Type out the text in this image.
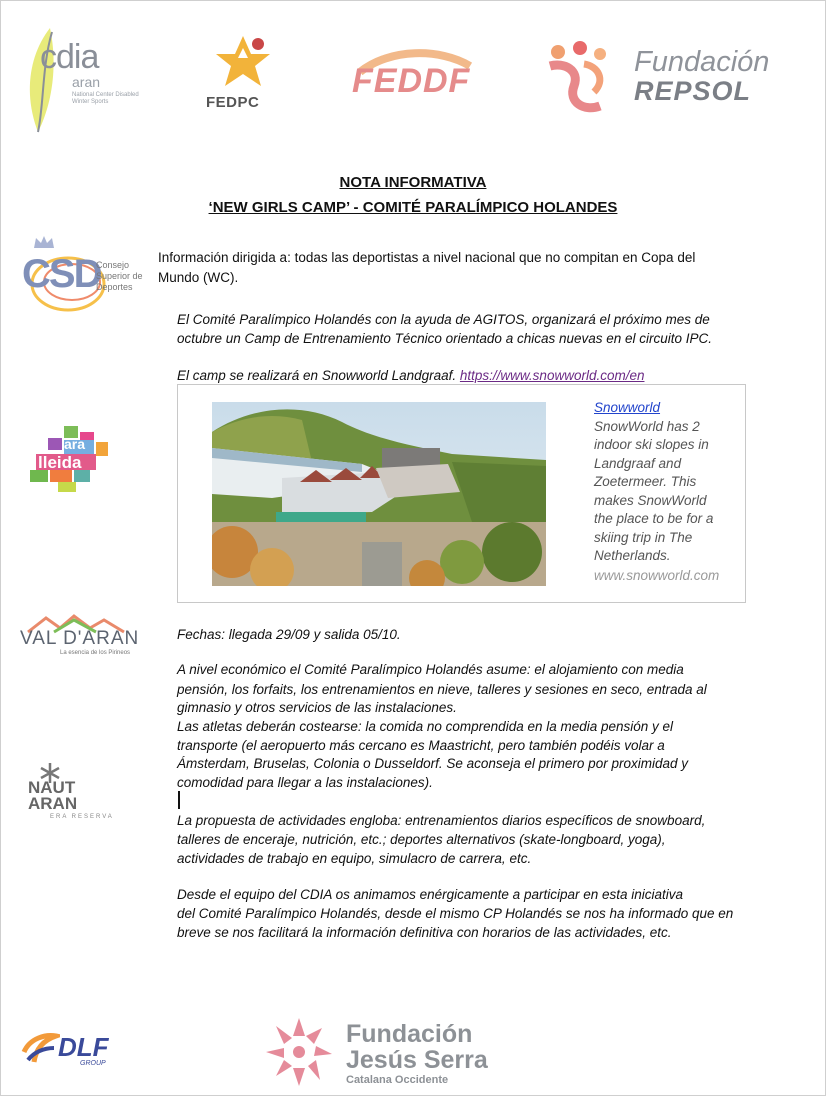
cdia
aran
National Center Disabled
Winter Sports	FEDPC
FEDDF	Fundación
REPSOL
NOTA INFORMATIVA
‘NEW GIRLS CAMP’ - COMITÉ PARALÍMPICO HOLANDES
CSD
Consejo
Superior de
Deportes
ara
lleida
VAL D'ARAN
La esencia de los Pirineos
NAUT
ARAN
ERA RESERVA
Información dirigida a: todas las deportistas a nivel nacional que no compitan en Copa del
Mundo (WC).
El Comité Paralímpico Holandés con la ayuda de AGITOS, organizará el próximo mes de
octubre un Camp de Entrenamiento Técnico orientado a chicas nuevas en el circuito IPC.
El camp se realizará en Snowworld Landgraaf. https://www.snowworld.com/en
Snowworld
SnowWorld has 2
indoor ski slopes in
Landgraaf and
Zoetermeer. This
makes SnowWorld
the place to be for a
skiing trip in The
Netherlands.
www.snowworld.com
Fechas: llegada 29/09 y salida 05/10.
A nivel económico el Comité Paralímpico Holandés asume: el alojamiento con media
pensión, los forfaits, los entrenamientos en nieve, talleres y sesiones en seco, entrada al
gimnasio y otros servicios de las instalaciones.
Las atletas deberán costearse: la comida no comprendida en la media pensión y el
transporte (el aeropuerto más cercano es Maastricht, pero también podéis volar a
Ámsterdam, Bruselas, Colonia o Dusseldorf. Se aconseja el primero por proximidad y
comodidad para llegar a las instalaciones).
La propuesta de actividades engloba: entrenamientos diarios específicos de snowboard,
talleres de enceraje, nutrición, etc.; deportes alternativos (skate-longboard, yoga),
actividades de trabajo en equipo, simulacro de carrera, etc.
Desde el equipo del CDIA os animamos enérgicamente a participar en esta iniciativa
del Comité Paralímpico Holandés, desde el mismo CP Holandés se nos ha informado que en
breve se nos facilitará la información definitiva con horarios de las actividades, etc.
DLF
GROUP
Fundación
Jesús Serra
Catalana Occidente
